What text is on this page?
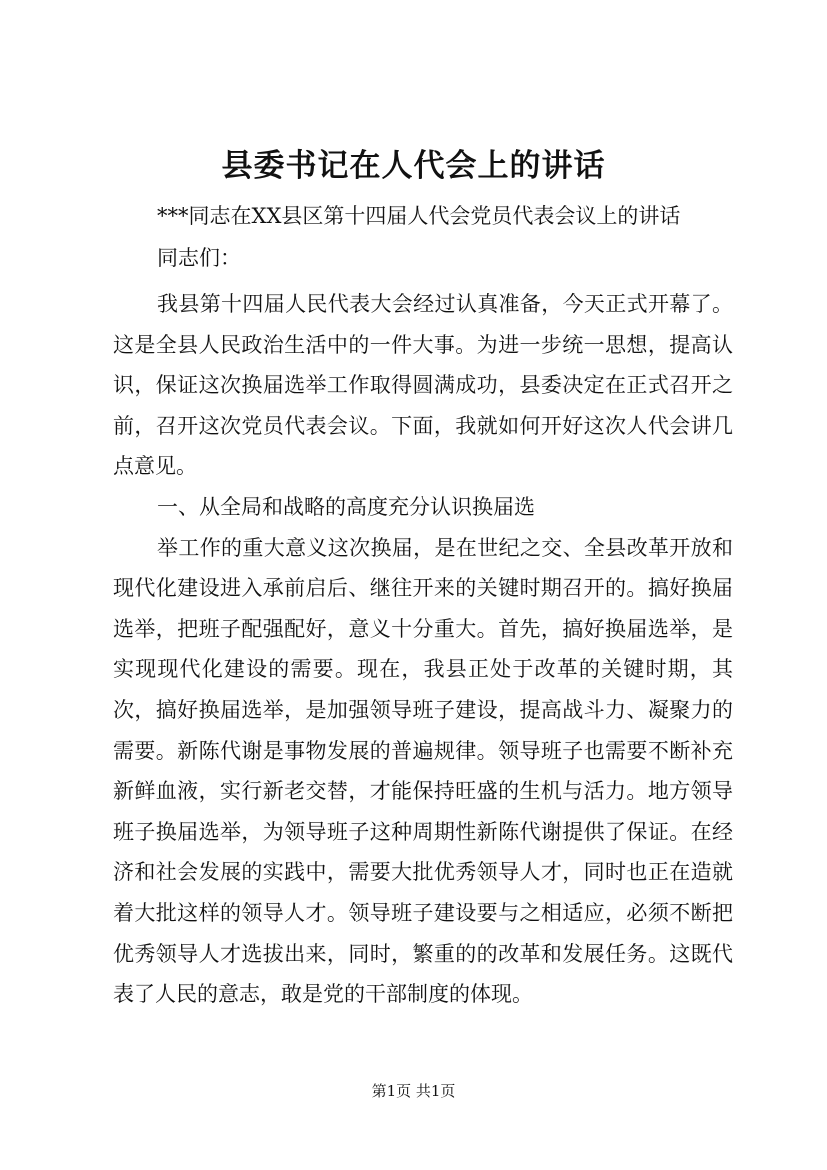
县委书记在人代会上的讲话
***同志在XX县区第十四届人代会党员代表会议上的讲话
同志们：

我县第十四届人民代表大会经过认真准备，今天正式开幕了。这是全县人民政治生活中的一件大事。为进一步统一思想，提高认识，保证这次换届选举工作取得圆满成功，县委决定在正式召开之前，召开这次党员代表会议。下面，我就如何开好这次人代会讲几点意见。

一、从全局和战略的高度充分认识换届选

举工作的重大意义这次换届，是在世纪之交、全县改革开放和现代化建设进入承前启后、继往开来的关键时期召开的。搞好换届选举，把班子配强配好，意义十分重大。首先，搞好换届选举，是实现现代化建设的需要。现在，我县正处于改革的关键时期，其次，搞好换届选举，是加强领导班子建设，提高战斗力、凝聚力的需要。新陈代谢是事物发展的普遍规律。领导班子也需要不断补充新鲜血液，实行新老交替，才能保持旺盛的生机与活力。地方领导班子换届选举，为领导班子这种周期性新陈代谢提供了保证。在经济和社会发展的实践中，需要大批优秀领导人才，同时也正在造就着大批这样的领导人才。领导班子建设要与之相适应，必须不断把优秀领导人才选拔出来，同时，繁重的的改革和发展任务。这既代表了人民的意志，敢是党的干部制度的体现。

第1页 共1页
